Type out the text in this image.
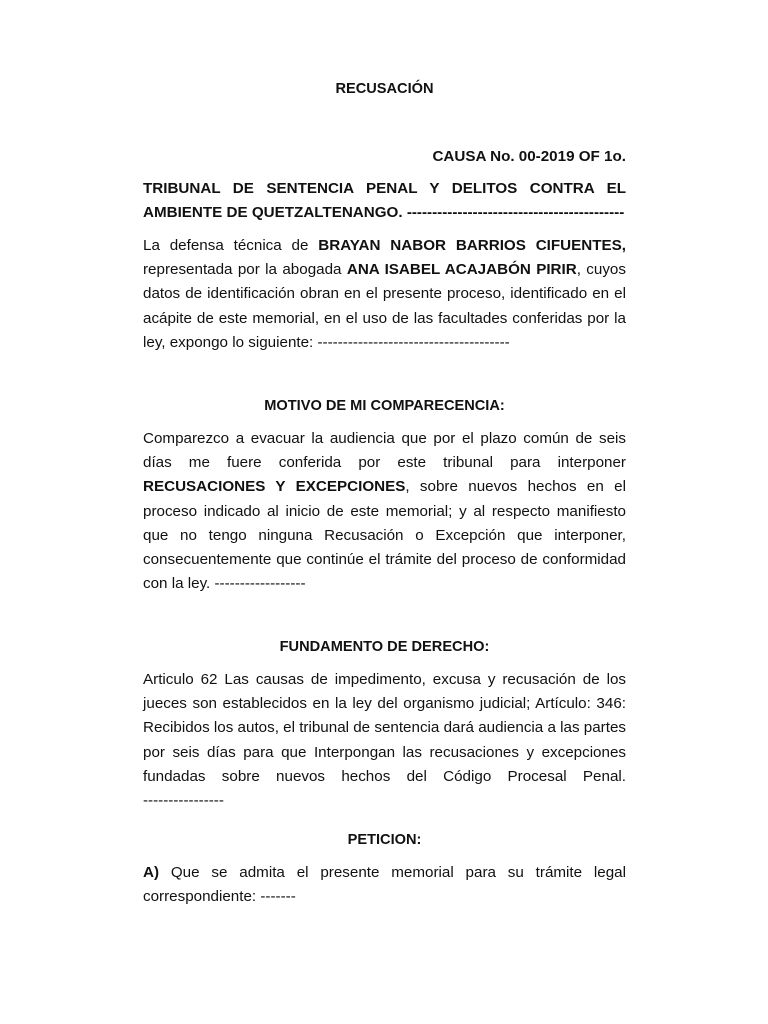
RECUSACIÓN

CAUSA No. 00-2019 OF 1o.

TRIBUNAL DE SENTENCIA PENAL Y DELITOS CONTRA EL AMBIENTE DE QUETZALTENANGO. -------------------------------------------

La defensa técnica de BRAYAN NABOR BARRIOS CIFUENTES, representada por la abogada ANA ISABEL ACAJABÓN PIRIR, cuyos datos de identificación obran en el presente proceso, identificado en el acápite de este memorial, en el uso de las facultades conferidas por la ley, expongo lo siguiente: --------------------------------------

MOTIVO DE MI COMPARECENCIA:

Comparezco a evacuar la audiencia que por el plazo común de seis días me fuere conferida por este tribunal para interponer RECUSACIONES Y EXCEPCIONES, sobre nuevos hechos en el proceso indicado al inicio de este memorial; y al respecto manifiesto que no tengo ninguna Recusación o Excepción que interponer, consecuentemente que continúe el trámite del proceso de conformidad con la ley. ------------------

FUNDAMENTO DE DERECHO:

Articulo 62 Las causas de impedimento, excusa y recusación de los jueces son establecidos en la ley del organismo judicial; Artículo: 346: Recibidos los autos, el tribunal de sentencia dará audiencia a las partes por seis días para que Interpongan las recusaciones y excepciones fundadas sobre nuevos hechos del Código Procesal Penal. ----------------

PETICION:

A) Que se admita el presente memorial para su trámite legal correspondiente: -------
